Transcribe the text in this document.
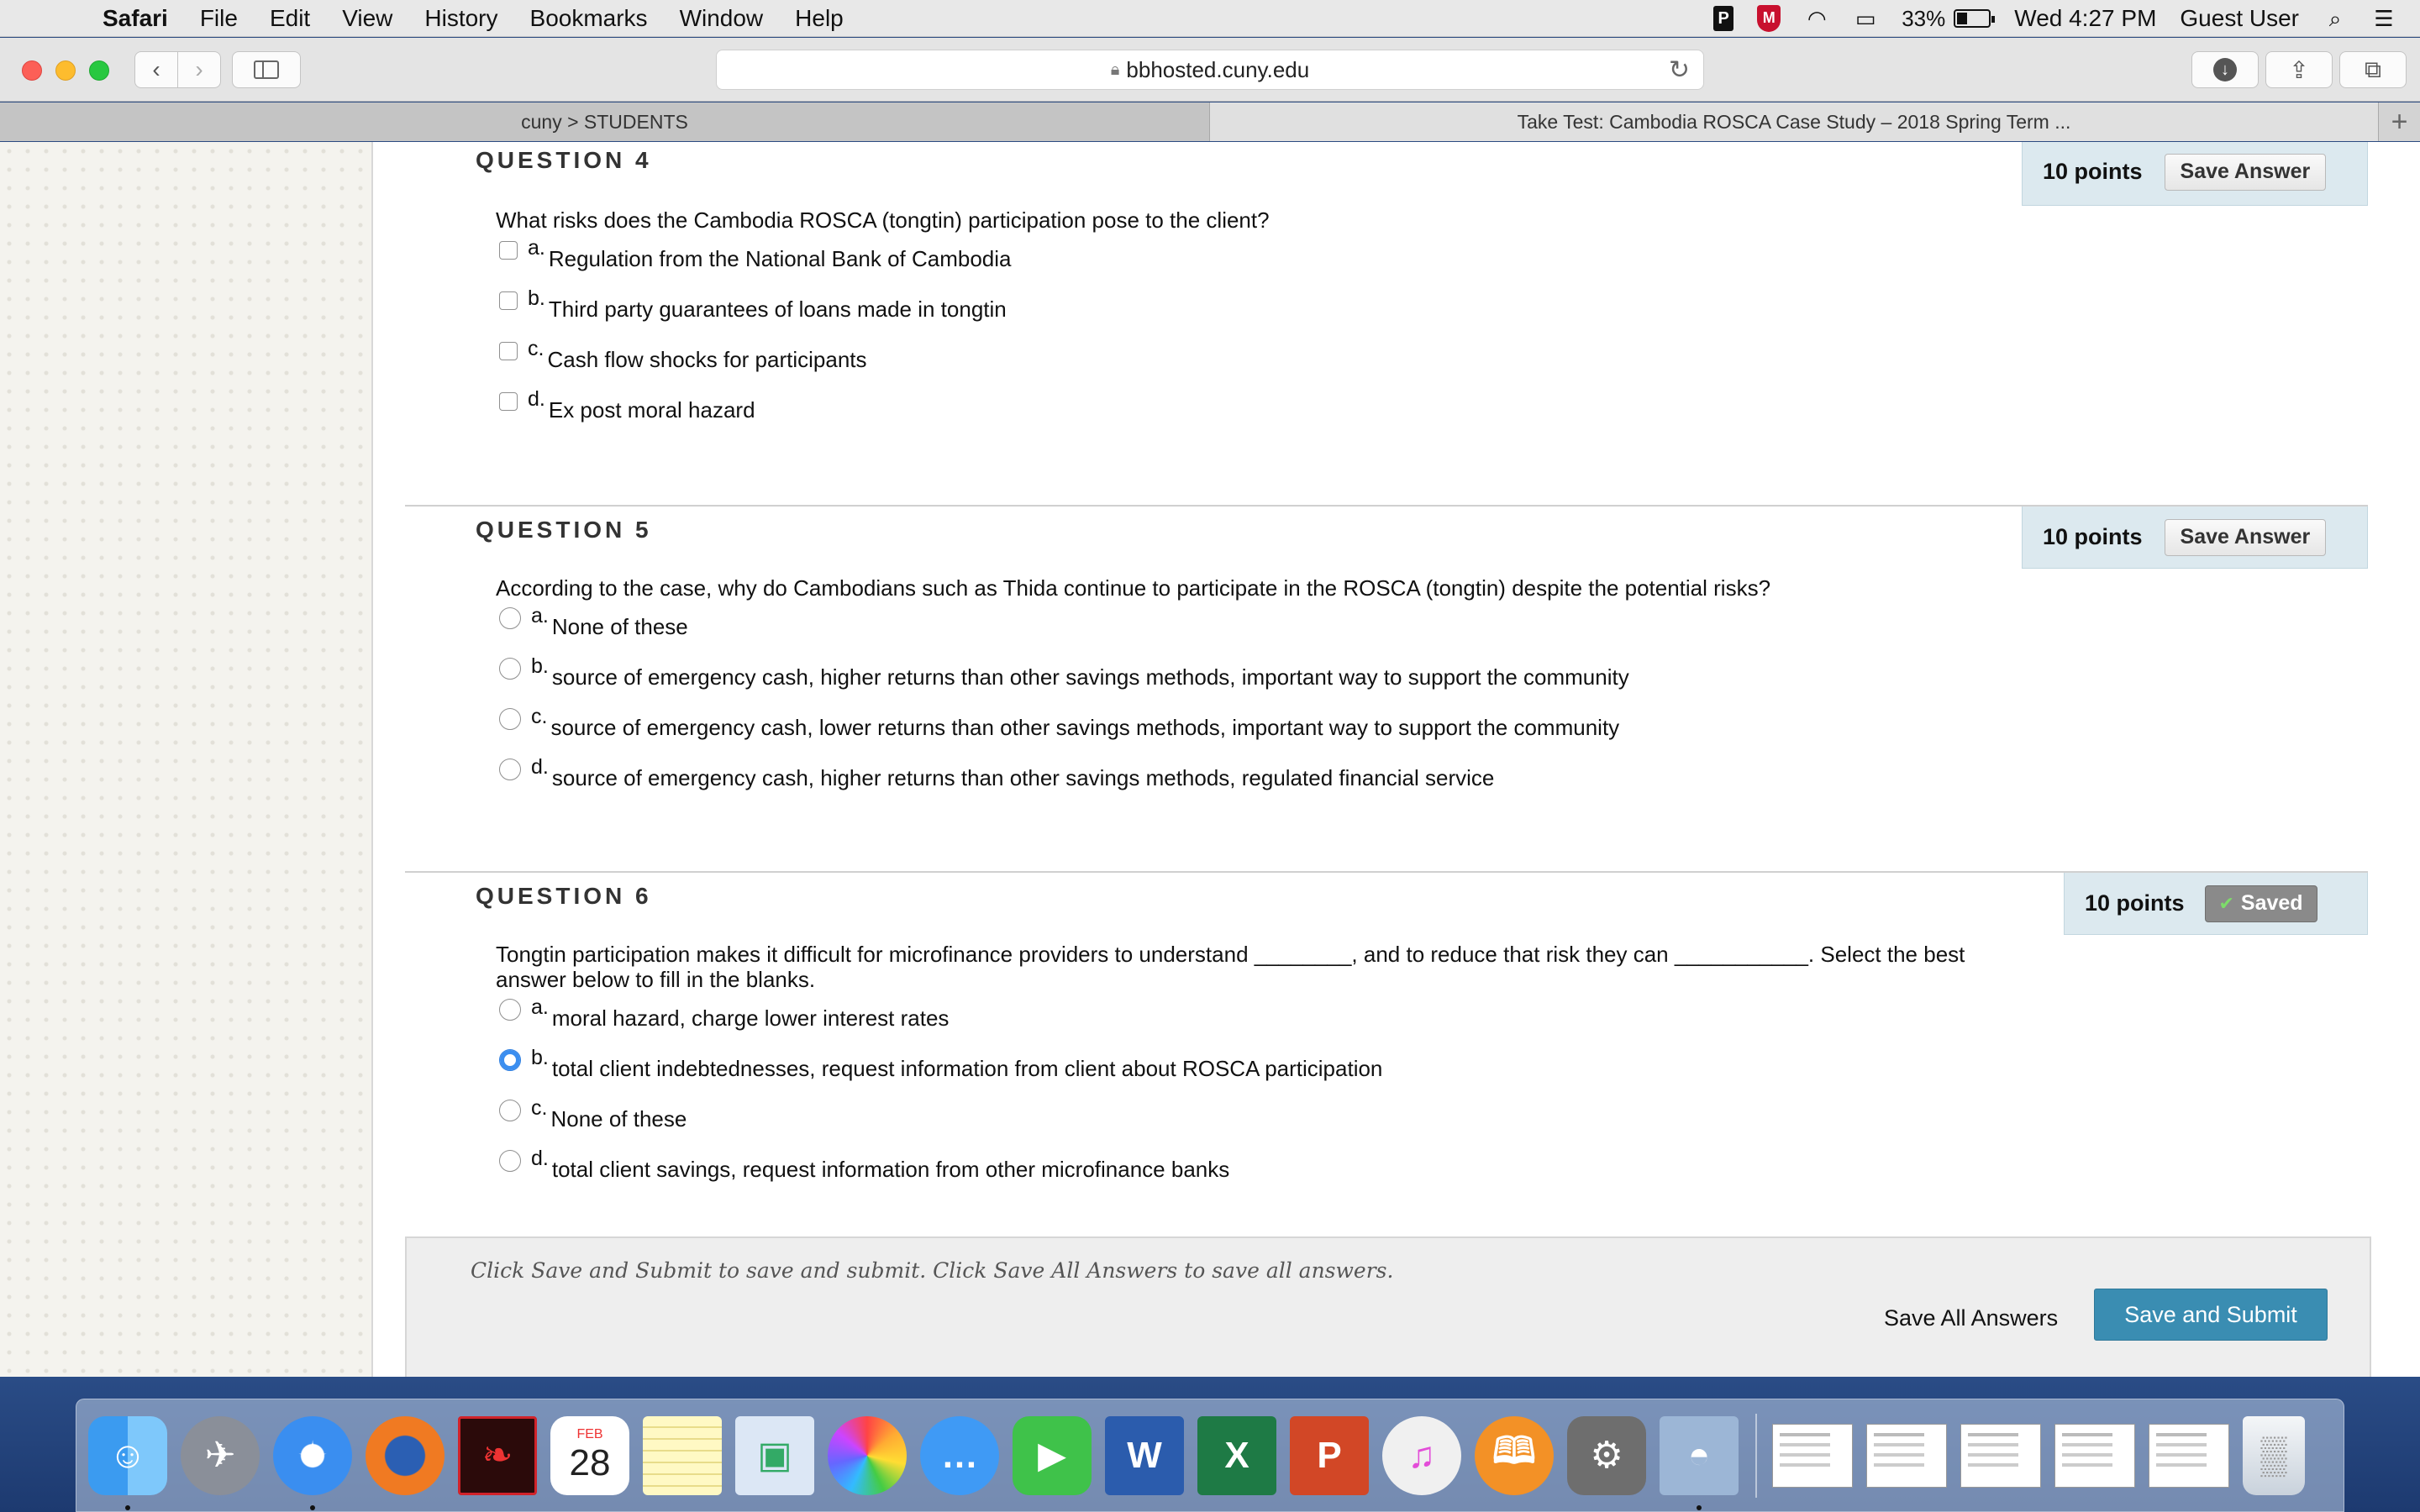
Safari File Edit View History Bookmarks Window Help	P	M ◠ ▭ 33%	Wed 4:27 PM Guest User ⌕ ☰
‹ ›	🔒︎ bbhosted.cuny.edu	↻	↓	⇪ ⧉
cuny > STUDENTS	Take Test: Cambodia ROSCA Case Study – 2018 Spring Term ...	+
QUESTION 4	10 points	Save Answer
What risks does the Cambodia ROSCA (tongtin) participation pose to the client?
a. Regulation from the National Bank of Cambodia
b. Third party guarantees of loans made in tongtin
c. Cash flow shocks for participants
d. Ex post moral hazard
QUESTION 5	10 points	Save Answer
According to the case, why do Cambodians such as Thida continue to participate in the ROSCA (tongtin) despite the potential risks?
a. None of these
b. source of emergency cash, higher returns than other savings methods, important way to support the community
c. source of emergency cash, lower returns than other savings methods, important way to support the community
d. source of emergency cash, higher returns than other savings methods, regulated financial service
QUESTION 6	10 points ✔ Saved
Tongtin participation makes it difficult for microfinance providers to understand ________, and to reduce that risk they can ___________. Select the best answer below to fill in the blanks.
a. moral hazard, charge lower interest rates
b. total client indebtednesses, request information from client about ROSCA participation
c. None of these
d. total client savings, request information from other microfinance banks
Click Save and Submit to save and submit. Click Save All Answers to save all answers.
Save All Answers	Save and Submit
☺	✈	✧	❧
FEB
28	▣	…	▶	W	X	P	♫	🕮︎	⚙	◓	▒
